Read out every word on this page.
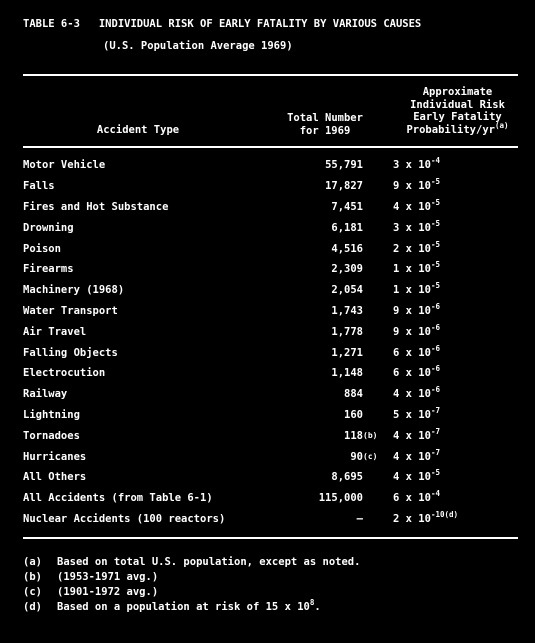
TABLE 6-3   INDIVIDUAL RISK OF EARLY FATALITY BY VARIOUS CAUSES
(U.S. Population Average 1969)
Accident Type
Total Number
for 1969
Approximate
Individual Risk
Early Fatality
Probability/$yr^{(a)}$
Motor Vehicle	55,791		3 x $10^{-4}$
Falls	17,827		9 x $10^{-5}$
Fires and Hot Substance	7,451		4 x $10^{-5}$
Drowning	6,181		3 x $10^{-5}$
Poison	4,516		2 x $10^{-5}$
Firearms	2,309		1 x $10^{-5}$
Machinery (1968)	2,054		1 x $10^{-5}$
Water Transport	1,743		9 x $10^{-6}$
Air Travel	1,778		9 x $10^{-6}$
Falling Objects	1,271		6 x $10^{-6}$
Electrocution	1,148		6 x $10^{-6}$
Railway	884		4 x $10^{-6}$
Lightning	160		5 x $10^{-7}$
Tornadoes	118	(b)	4 x $10^{-7}$
Hurricanes	90	(c)	4 x $10^{-7}$
All Others	8,695		4 x $10^{-5}$
All Accidents (from Table 6-1)	115,000		6 x $10^{-4}$
Nuclear Accidents (100 reactors)	—		2 x $10^{-10(d)}$
(a)	Based on total U.S. population, except as noted.
(b)	(1953-1971 avg.)
(c)	(1901-1972 avg.)
(d)	Based on a population at risk of 15 x $10^8$.
